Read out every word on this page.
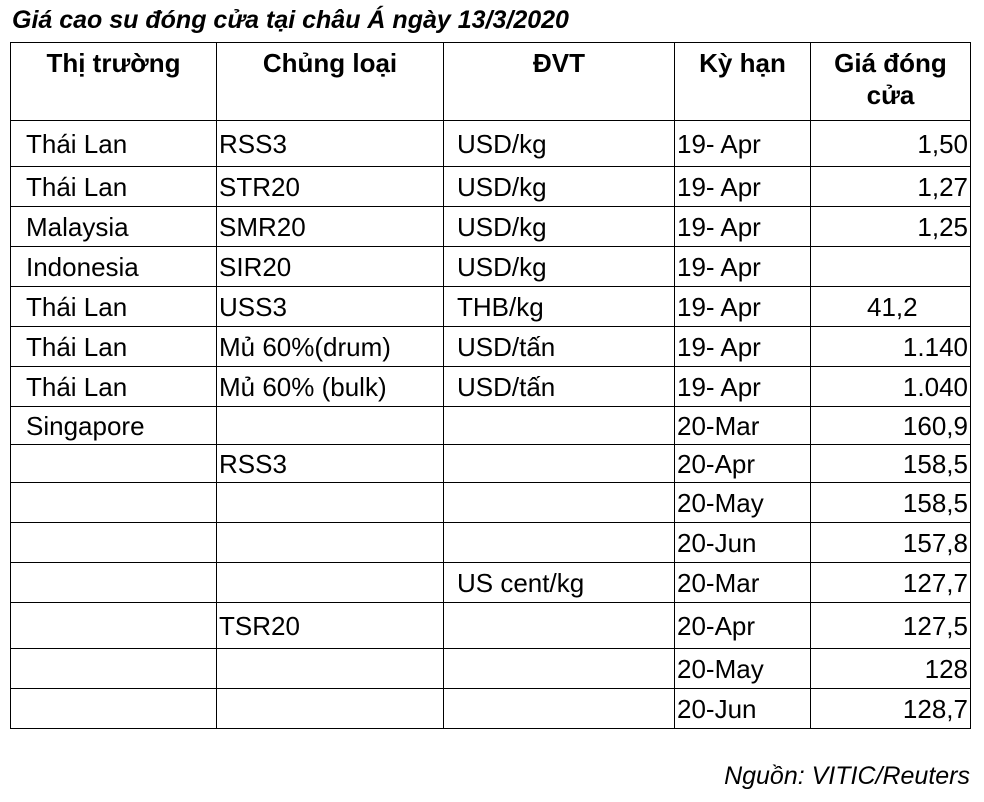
Giá cao su đóng cửa tại châu Á ngày 13/3/2020
Thị trường	Chủng loại	ĐVT	Kỳ hạn	Giá đóng cửa
Thái Lan	RSS3	USD/kg	19- Apr	1,50
Thái Lan	STR20	USD/kg	19- Apr	1,27
Malaysia	SMR20	USD/kg	19- Apr	1,25
Indonesia	SIR20	USD/kg	19- Apr	
Thái Lan	USS3	THB/kg	19- Apr	41,2
Thái Lan	Mủ 60%(drum)	USD/tấn	19- Apr	1.140
Thái Lan	Mủ 60% (bulk)	USD/tấn	19- Apr	1.040
Singapore			20-Mar	160,9
	RSS3		20-Apr	158,5
			20-May	158,5
			20-Jun	157,8
		US cent/kg	20-Mar	127,7
	TSR20		20-Apr	127,5
			20-May	128
			20-Jun	128,7
Nguồn: VITIC/Reuters
